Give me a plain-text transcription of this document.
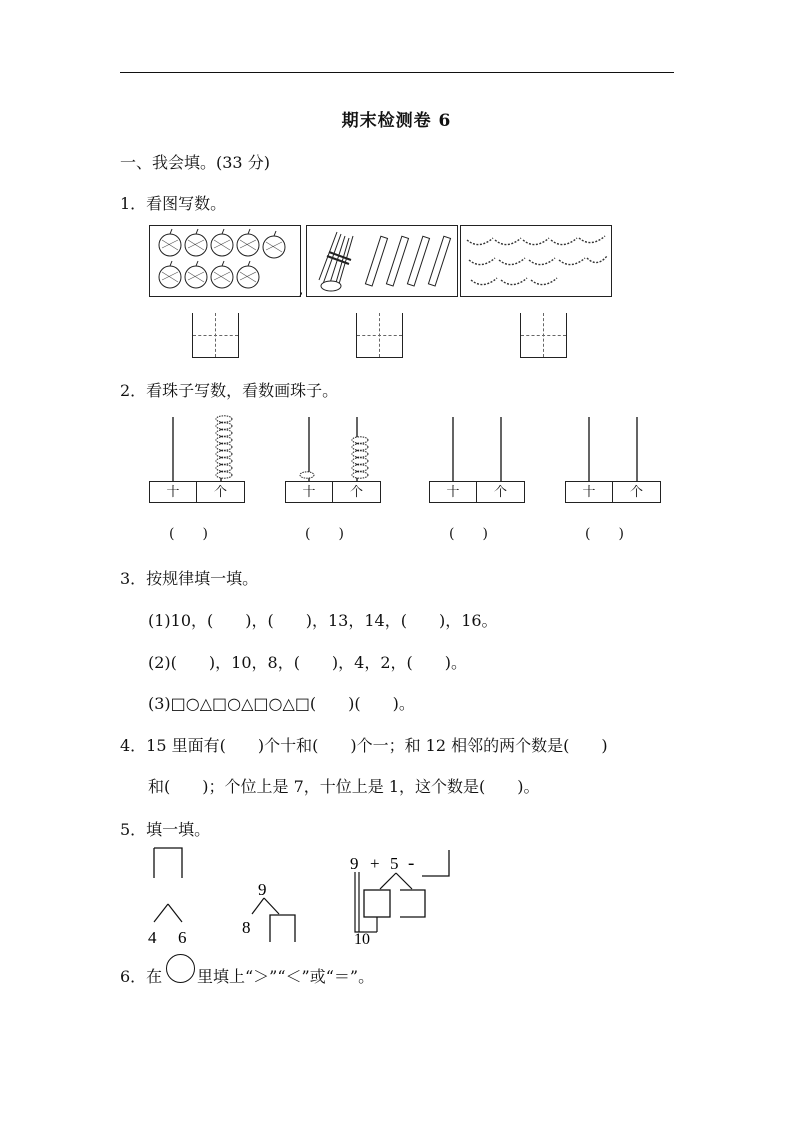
期末检测卷 6
一、我会填。(33 分)
1．看图写数。
,
2．看珠子写数，看数画珠子。
十	个
(　　)
十	个
(　　)
十	个
(　　)
十	个
(　　)
3．按规律填一填。
(1)10，(　　)，(　　)，13，14，(　　)，16。
(2)(　　)，10，8，(　　)，4，2，(　　)。
(3)□○△□○△□○△□(　　)(　　)。
4．15 里面有(　　)个十和(　　)个一；和 12 相邻的两个数是(　　)
和(　　)；个位上是 7，十位上是 1，这个数是(　　)。
5．填一填。
4 6
9
8
9 + 5 -
10
6．在 里填上“＞”“＜”或“＝”。
